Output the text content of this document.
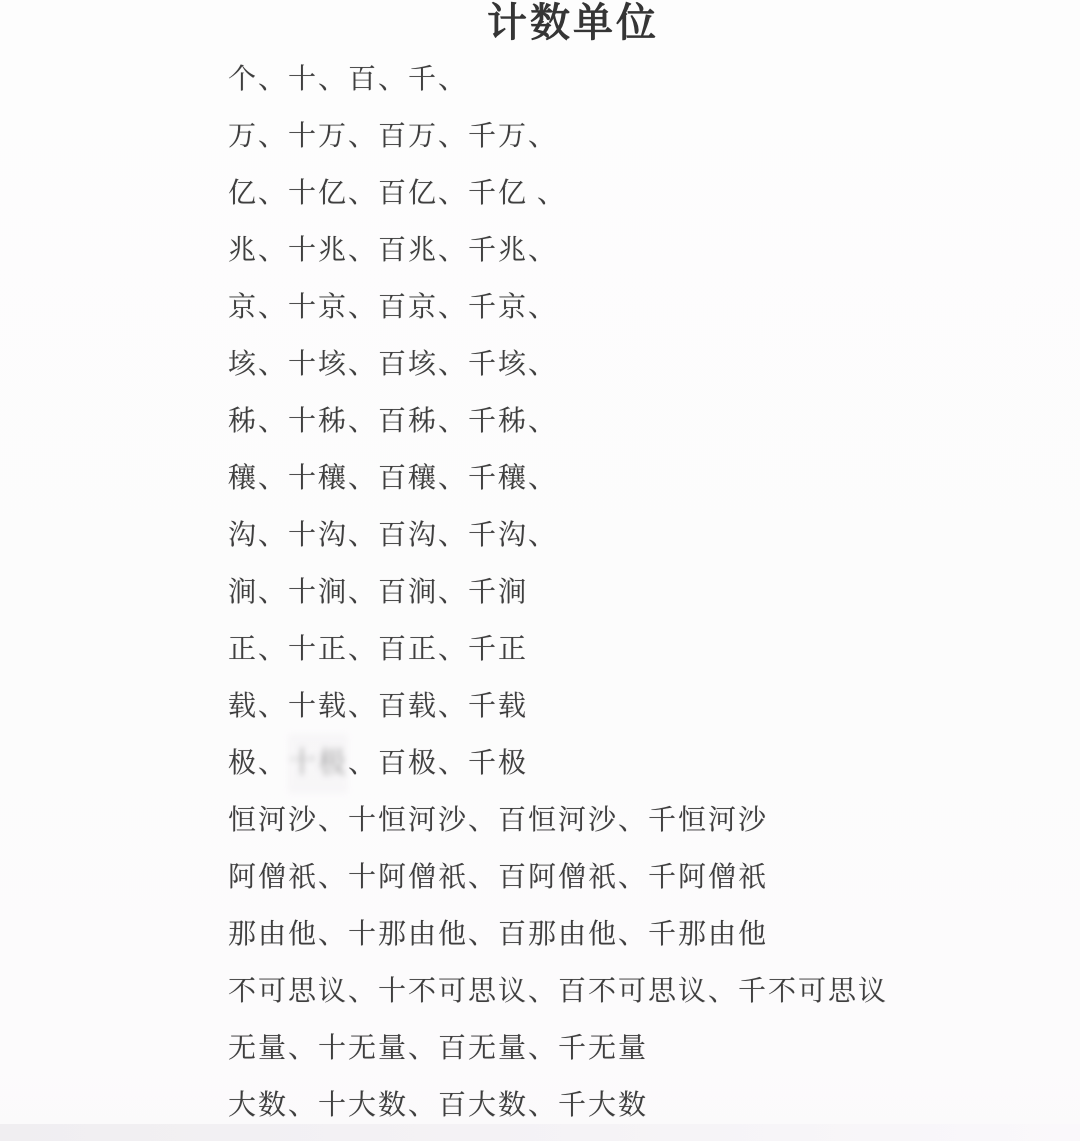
计数单位
个、十、百、千、
万、十万、百万、千万、
亿、十亿、百亿、千亿 、
兆、十兆、百兆、千兆、
京、十京、百京、千京、
垓、十垓、百垓、千垓、
秭、十秭、百秭、千秭、
穰、十穰、百穰、千穰、
沟、十沟、百沟、千沟、
涧、十涧、百涧、千涧
正、十正、百正、千正
载、十载、百载、千载
极、十极、百极、千极
恒河沙、十恒河沙、百恒河沙、千恒河沙
阿僧祇、十阿僧祇、百阿僧祇、千阿僧祇
那由他、十那由他、百那由他、千那由他
不可思议、十不可思议、百不可思议、千不可思议
无量、十无量、百无量、千无量
大数、十大数、百大数、千大数
